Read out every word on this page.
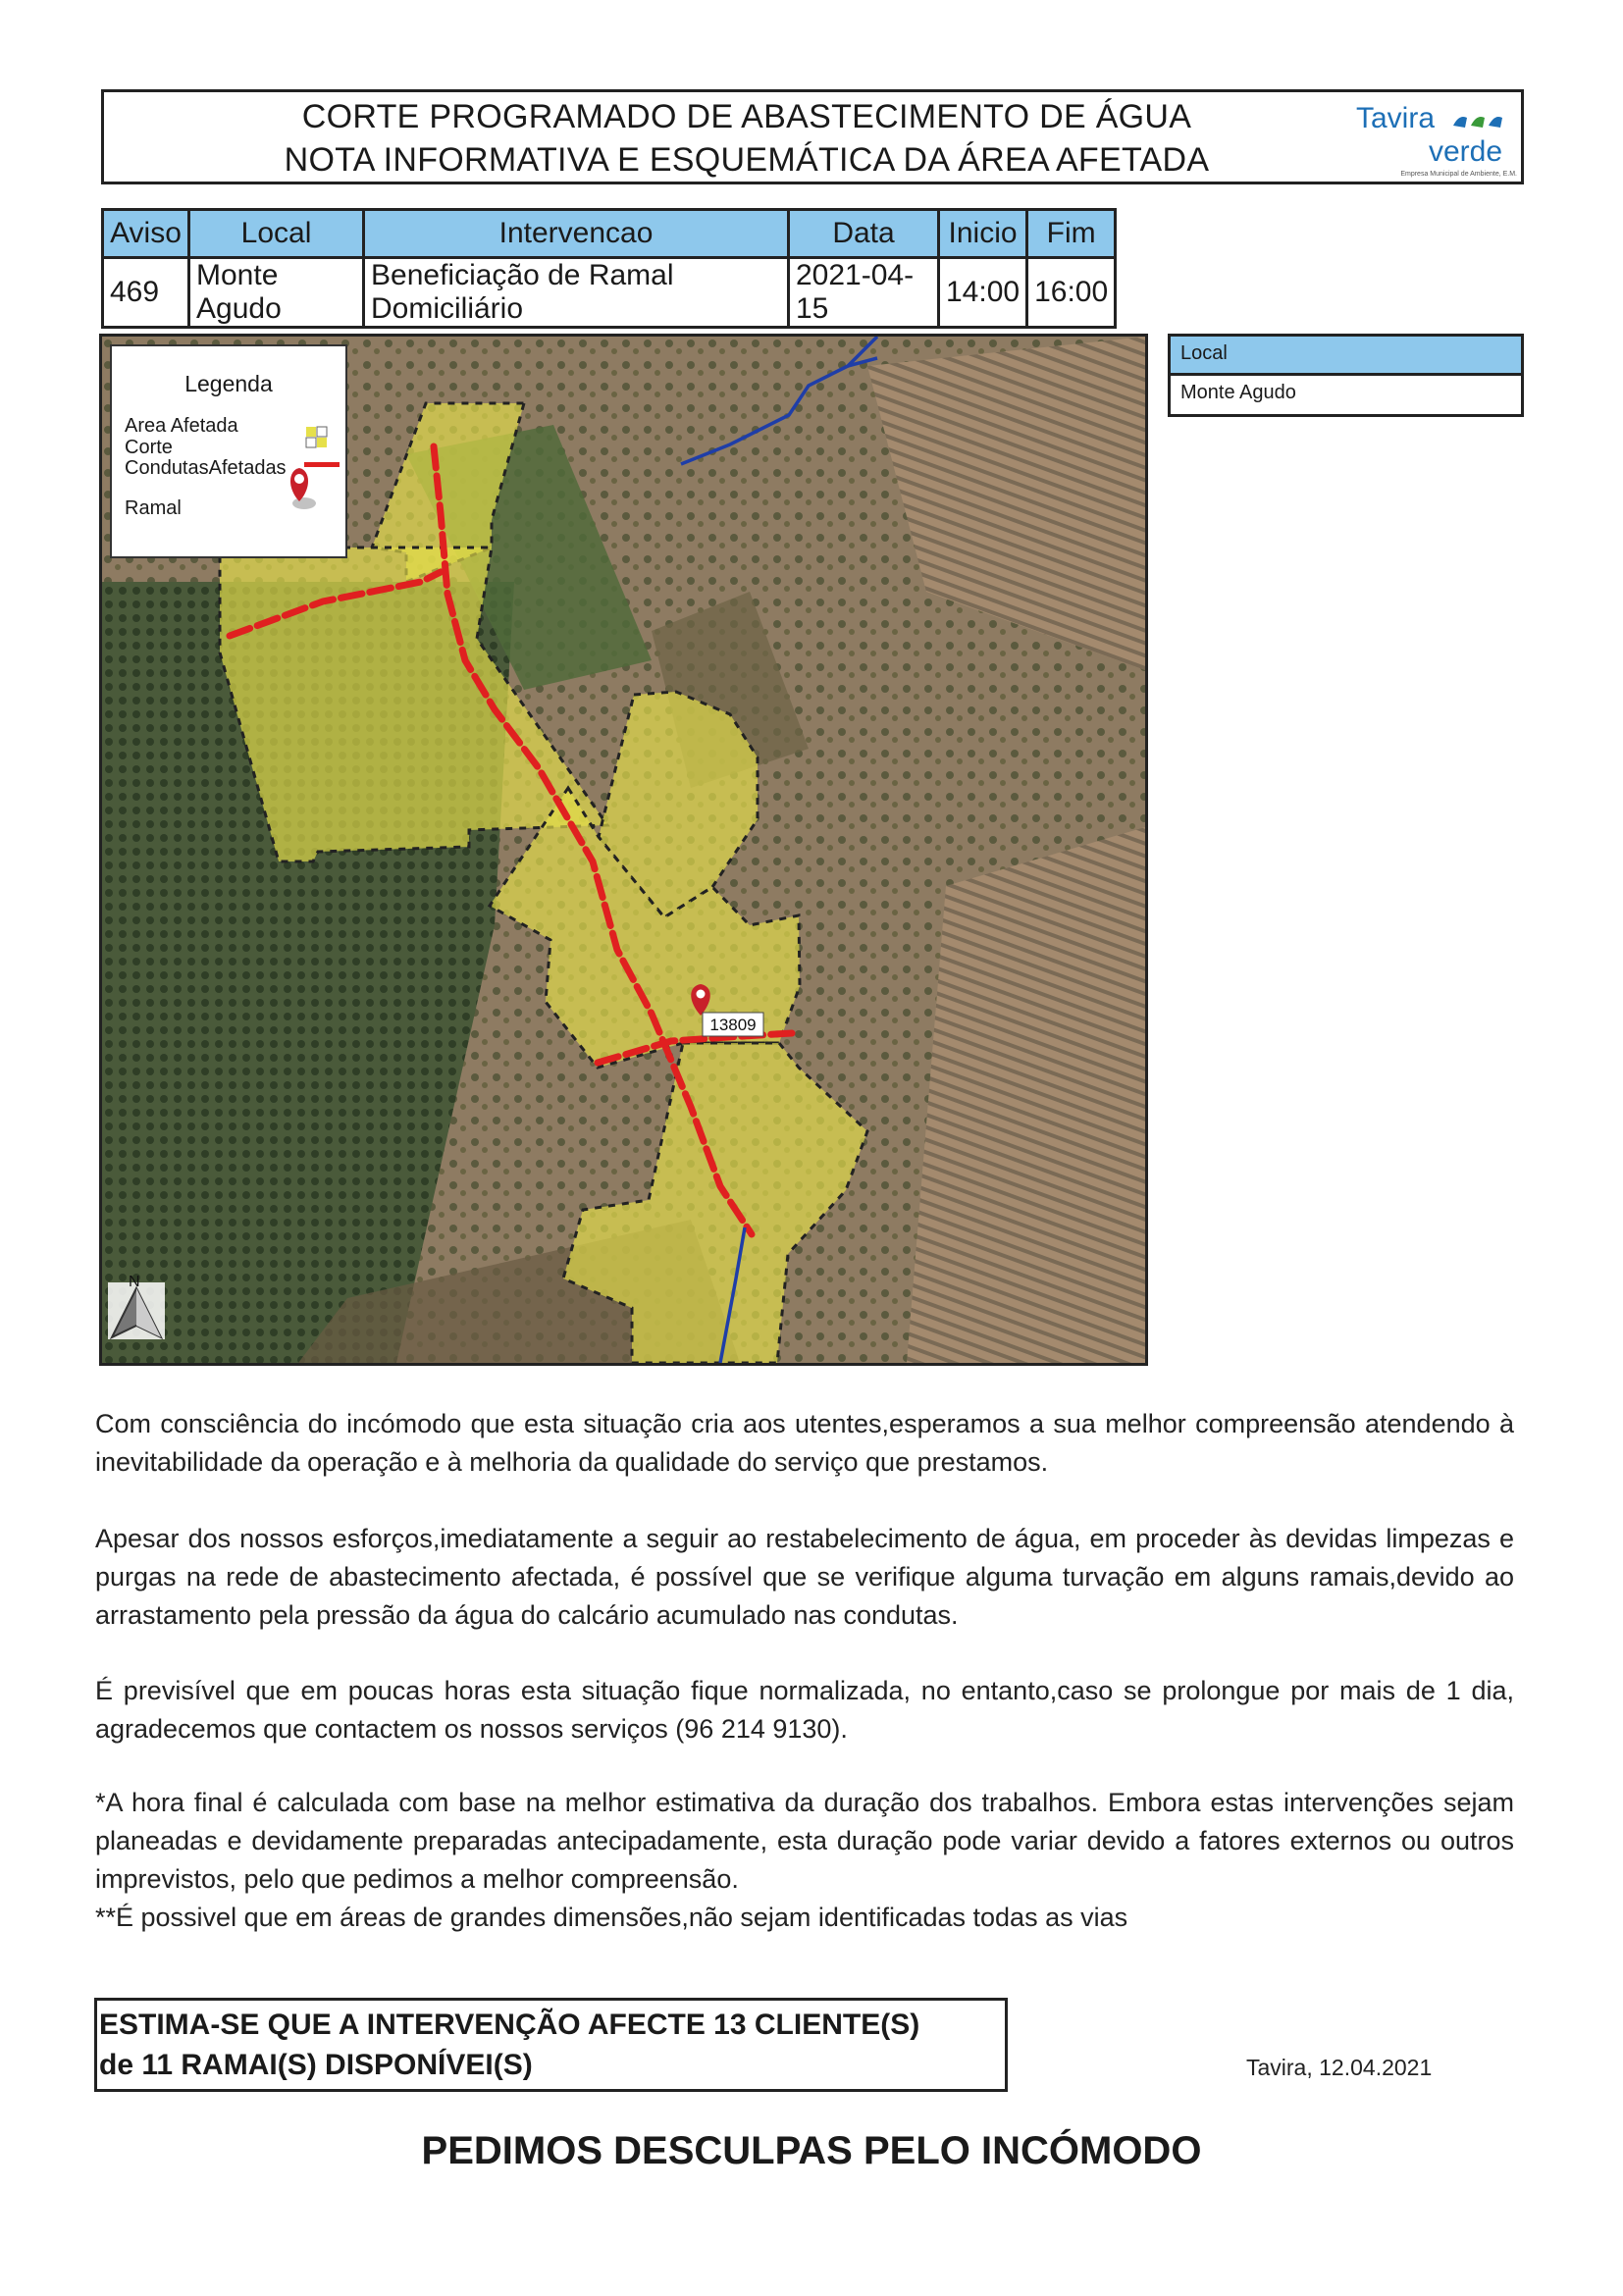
CORTE PROGRAMADO DE ABASTECIMENTO DE ÁGUA
NOTA INFORMATIVA E ESQUEMÁTICA DA ÁREA AFETADA
Tavira
verde
Empresa Municipal de Ambiente, E.M.
Aviso	Local	Intervencao	Data	Inicio	Fim
469	Monte Agudo	Beneficiação de Ramal Domiciliário	2021-04-15	14:00	16:00
13809
N
Legenda
Area Afetada
Corte
CondutasAfetadas
Ramal
Local
Monte Agudo
Com consciência do incómodo que esta situação cria aos utentes,esperamos a sua melhor compreensão atendendo à inevitabilidade da operação e à melhoria da qualidade do serviço que prestamos.
Apesar dos nossos esforços,imediatamente a seguir ao restabelecimento de água, em proceder às devidas limpezas e purgas na rede de abastecimento afectada, é possível que se verifique alguma turvação em alguns ramais,devido ao arrastamento pela pressão da água do calcário acumulado nas condutas.
É previsível que em poucas horas esta situação fique normalizada, no entanto,caso se prolongue por mais de 1 dia, agradecemos que contactem os nossos serviços (96 214 9130).
*A hora final é calculada com base na melhor estimativa da duração dos trabalhos. Embora estas intervenções sejam planeadas e devidamente preparadas antecipadamente, esta duração pode variar devido a fatores externos ou outros imprevistos, pelo que pedimos a melhor compreensão.
**É possivel que em áreas de grandes dimensões,não sejam identificadas todas as vias
ESTIMA-SE QUE A INTERVENÇÃO AFECTE 13 CLIENTE(S)
de 11 RAMAI(S) DISPONÍVEI(S)	Tavira, 12.04.2021
PEDIMOS DESCULPAS PELO INCÓMODO
